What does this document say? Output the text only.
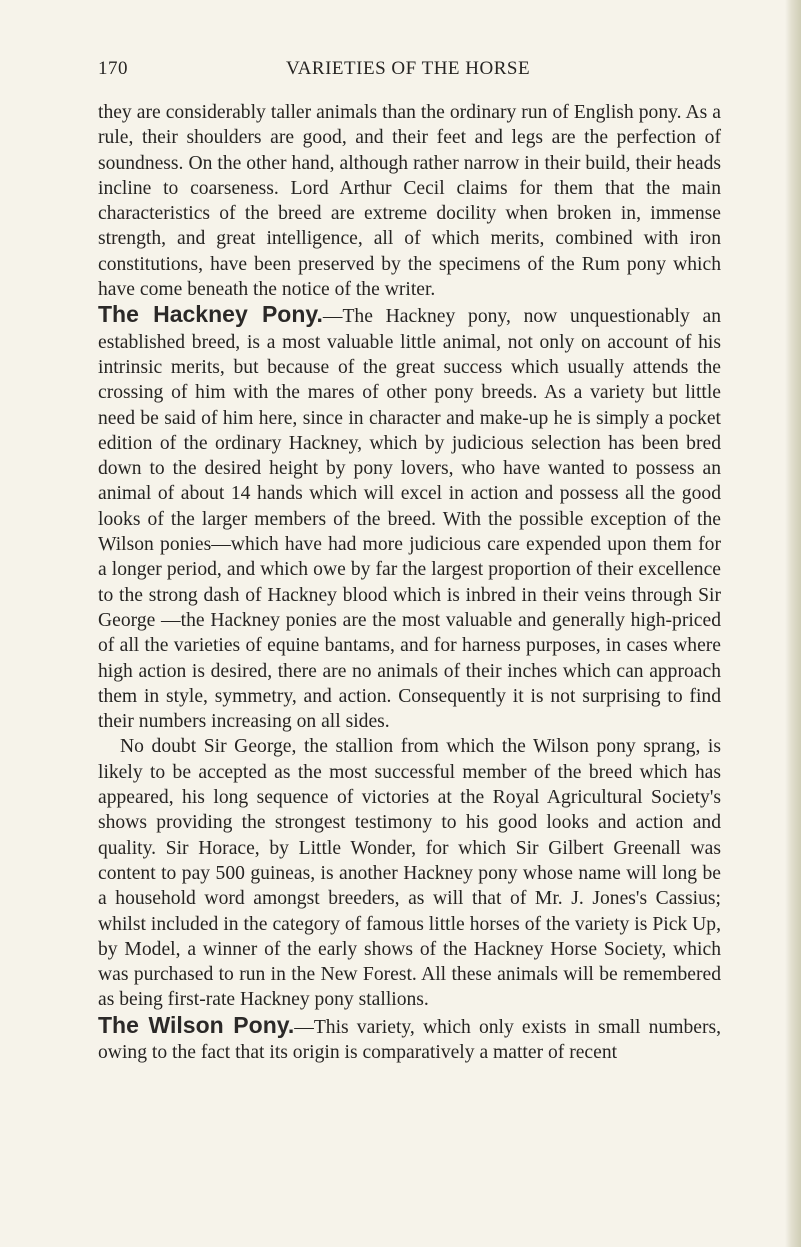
170	VARIETIES OF THE HORSE

they are considerably taller animals than the ordinary run of English pony. As a rule, their shoulders are good, and their feet and legs are the perfection of soundness. On the other hand, although rather narrow in their build, their heads incline to coarseness. Lord Arthur Cecil claims for them that the main characteristics of the breed are extreme docility when broken in, immense strength, and great intelligence, all of which merits, combined with iron constitutions, have been preserved by the specimens of the Rum pony which have come beneath the notice of the writer.

The Hackney Pony.—The Hackney pony, now unquestionably an established breed, is a most valuable little animal, not only on account of his intrinsic merits, but because of the great success which usually attends the crossing of him with the mares of other pony breeds. As a variety but little need be said of him here, since in character and make-up he is simply a pocket edition of the ordinary Hackney, which by judicious selection has been bred down to the desired height by pony lovers, who have wanted to possess an animal of about 14 hands which will excel in action and possess all the good looks of the larger members of the breed. With the possible exception of the Wilson ponies—which have had more judicious care expended upon them for a longer period, and which owe by far the largest proportion of their excellence to the strong dash of Hackney blood which is inbred in their veins through Sir George —the Hackney ponies are the most valuable and generally high-priced of all the varieties of equine bantams, and for harness purposes, in cases where high action is desired, there are no animals of their inches which can approach them in style, symmetry, and action. Consequently it is not surprising to find their numbers increasing on all sides.

No doubt Sir George, the stallion from which the Wilson pony sprang, is likely to be accepted as the most successful member of the breed which has appeared, his long sequence of victories at the Royal Agricultural Society's shows providing the strongest testimony to his good looks and action and quality. Sir Horace, by Little Wonder, for which Sir Gilbert Greenall was content to pay 500 guineas, is another Hackney pony whose name will long be a household word amongst breeders, as will that of Mr. J. Jones's Cassius; whilst included in the category of famous little horses of the variety is Pick Up, by Model, a winner of the early shows of the Hackney Horse Society, which was purchased to run in the New Forest. All these animals will be remembered as being first-rate Hackney pony stallions.

The Wilson Pony.—This variety, which only exists in small numbers, owing to the fact that its origin is comparatively a matter of recent
